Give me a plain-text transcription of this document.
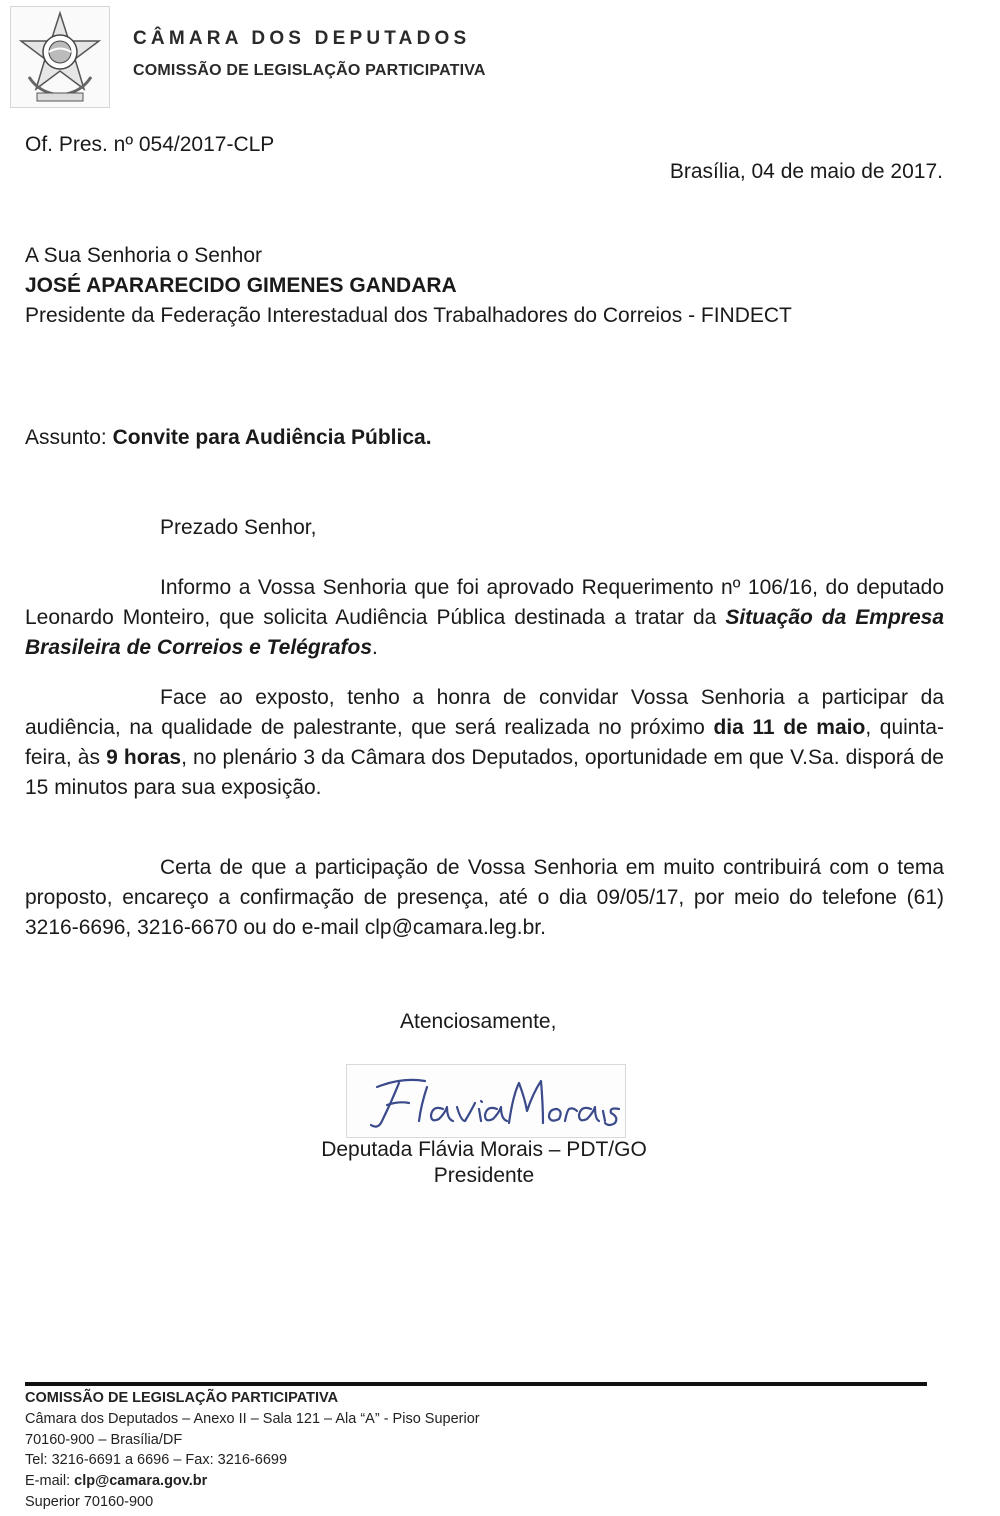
CÂMARA DOS DEPUTADOS
COMISSÃO DE LEGISLAÇÃO PARTICIPATIVA
Of. Pres. nº 054/2017-CLP
Brasília, 04 de maio de 2017.
A Sua Senhoria o Senhor
JOSÉ APARARECIDO GIMENES GANDARA
Presidente da Federação Interestadual dos Trabalhadores do Correios - FINDECT
Assunto: Convite para Audiência Pública.
Prezado Senhor,
Informo a Vossa Senhoria que foi aprovado Requerimento nº 106/16, do deputado Leonardo Monteiro, que solicita Audiência Pública destinada a tratar da Situação da Empresa Brasileira de Correios e Telégrafos.
Face ao exposto, tenho a honra de convidar Vossa Senhoria a participar da audiência, na qualidade de palestrante, que será realizada no próximo dia 11 de maio, quinta-feira, às 9 horas, no plenário 3 da Câmara dos Deputados, oportunidade em que V.Sa. disporá de 15 minutos para sua exposição.
Certa de que a participação de Vossa Senhoria em muito contribuirá com o tema proposto, encareço a confirmação de presença, até o dia 09/05/17, por meio do telefone (61) 3216-6696, 3216-6670 ou do e-mail clp@camara.leg.br.
Atenciosamente,
Deputada Flávia Morais – PDT/GO
Presidente
COMISSÃO DE LEGISLAÇÃO PARTICIPATIVA
Câmara dos Deputados – Anexo II – Sala 121 – Ala “A” - Piso Superior
70160-900 – Brasília/DF
Tel: 3216-6691 a 6696 – Fax: 3216-6699
E-mail: clp@camara.gov.br
Superior 70160-900
